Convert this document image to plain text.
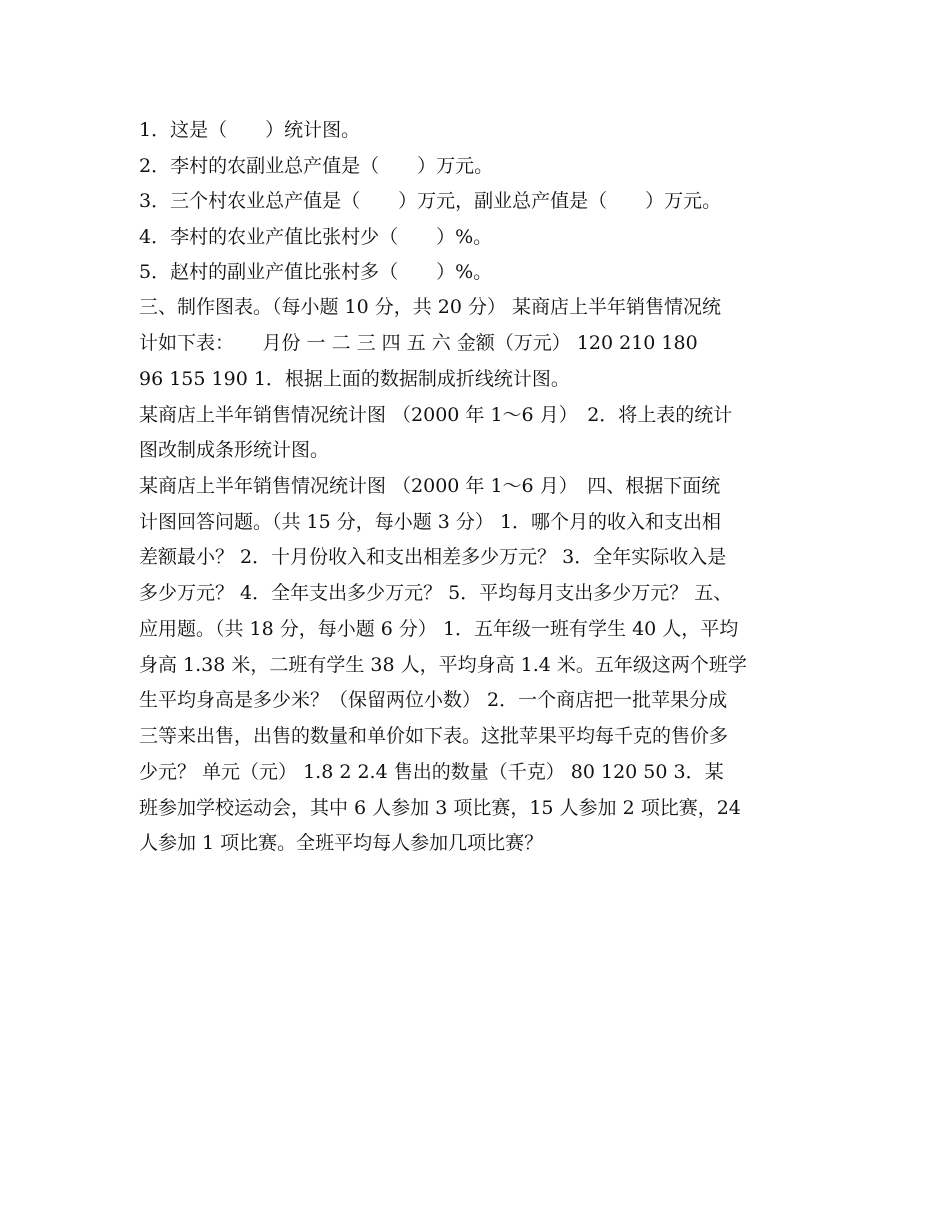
1．这是（　　）统计图。
2．李村的农副业总产值是（　　）万元。
3．三个村农业总产值是（　　）万元，副业总产值是（　　）万元。
4．李村的农业产值比张村少（　　）%。
5．赵村的副业产值比张村多（　　）%。
三、制作图表。（每小题 10 分，共 20 分） 某商店上半年销售情况统
计如下表：　　月份 一 二 三 四 五 六 金额（万元） 120 210 180
96 155 190 1．根据上面的数据制成折线统计图。
某商店上半年销售情况统计图 （2000 年 1～6 月）　2．将上表的统计
图改制成条形统计图。
某商店上半年销售情况统计图 （2000 年 1～6 月）　四、根据下面统
计图回答问题。（共 15 分，每小题 3 分） 1．哪个月的收入和支出相
差额最小？ 2．十月份收入和支出相差多少万元？ 3．全年实际收入是
多少万元？ 4．全年支出多少万元？ 5．平均每月支出多少万元？ 五、
应用题。（共 18 分，每小题 6 分） 1．五年级一班有学生 40 人，平均
身高 1.38 米，二班有学生 38 人，平均身高 1.4 米。五年级这两个班学
生平均身高是多少米？（保留两位小数） 2．一个商店把一批苹果分成
三等来出售，出售的数量和单价如下表。这批苹果平均每千克的售价多
少元？ 单元（元） 1.8 2 2.4 售出的数量（千克） 80 120 50 3．某
班参加学校运动会，其中 6 人参加 3 项比赛，15 人参加 2 项比赛，24
人参加 1 项比赛。全班平均每人参加几项比赛？
